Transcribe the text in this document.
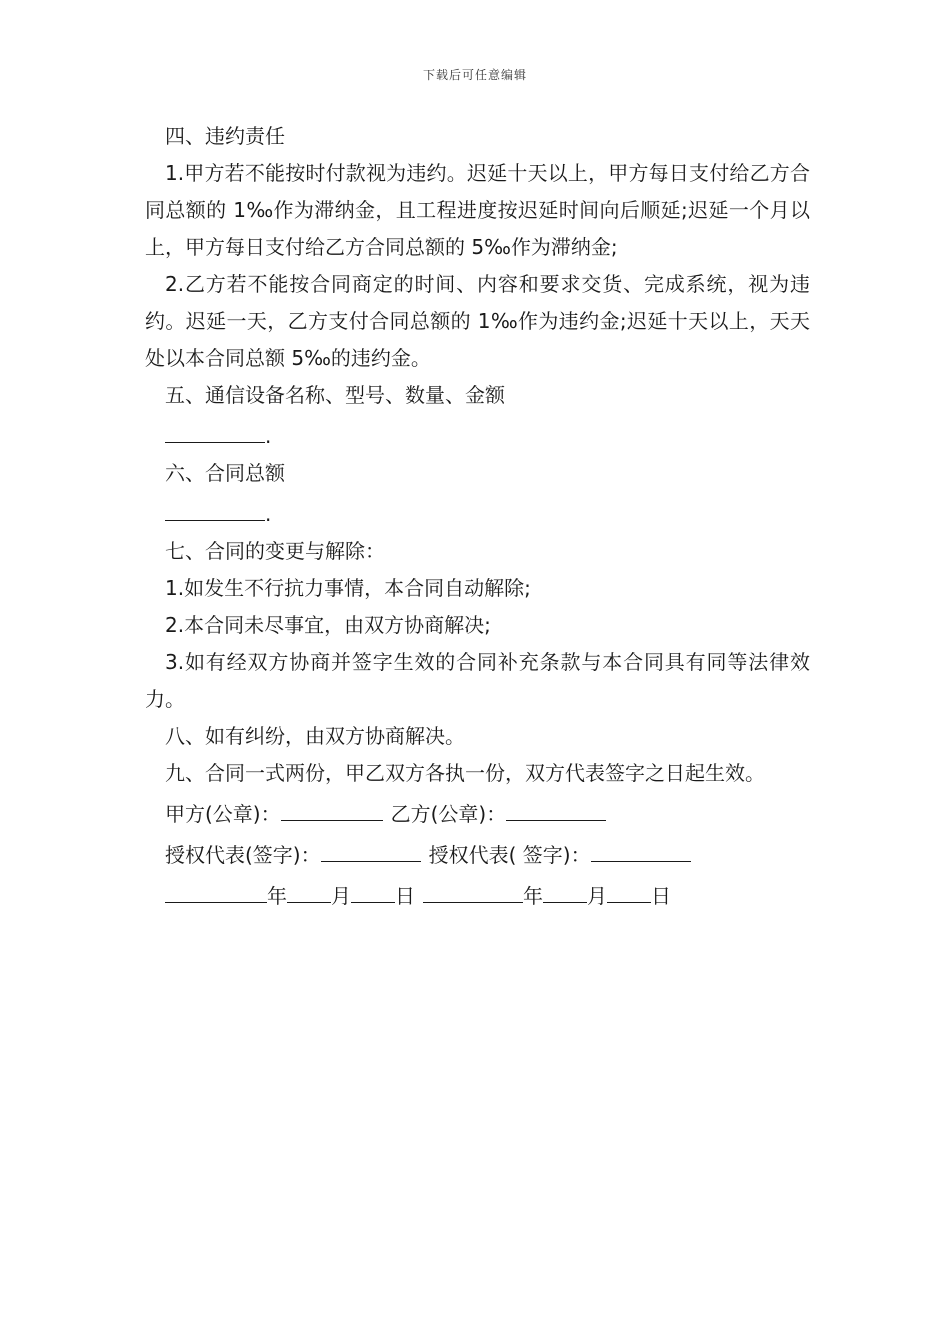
下载后可任意编辑

四、违约责任

1.甲方若不能按时付款视为违约。迟延十天以上，甲方每日支付给乙方合同总额的 1‰作为滞纳金，且工程进度按迟延时间向后顺延;迟延一个月以上，甲方每日支付给乙方合同总额的 5‰作为滞纳金;

2.乙方若不能按合同商定的时间、内容和要求交货、完成系统，视为违约。迟延一天，乙方支付合同总额的 1‰作为违约金;迟延十天以上，天天处以本合同总额 5‰的违约金。

五、通信设备名称、型号、数量、金额

.

六、合同总额

.

七、合同的变更与解除：

1.如发生不行抗力事情，本合同自动解除;

2.本合同未尽事宜，由双方协商解决;

3.如有经双方协商并签字生效的合同补充条款与本合同具有同等法律效力。

八、如有纠纷，由双方协商解决。

九、合同一式两份，甲乙双方各执一份，双方代表签字之日起生效。

甲方(公章)：	乙方(公章)：

授权代表(签字)：	授权代表( 签字)：

年 月 日	年 月 日
